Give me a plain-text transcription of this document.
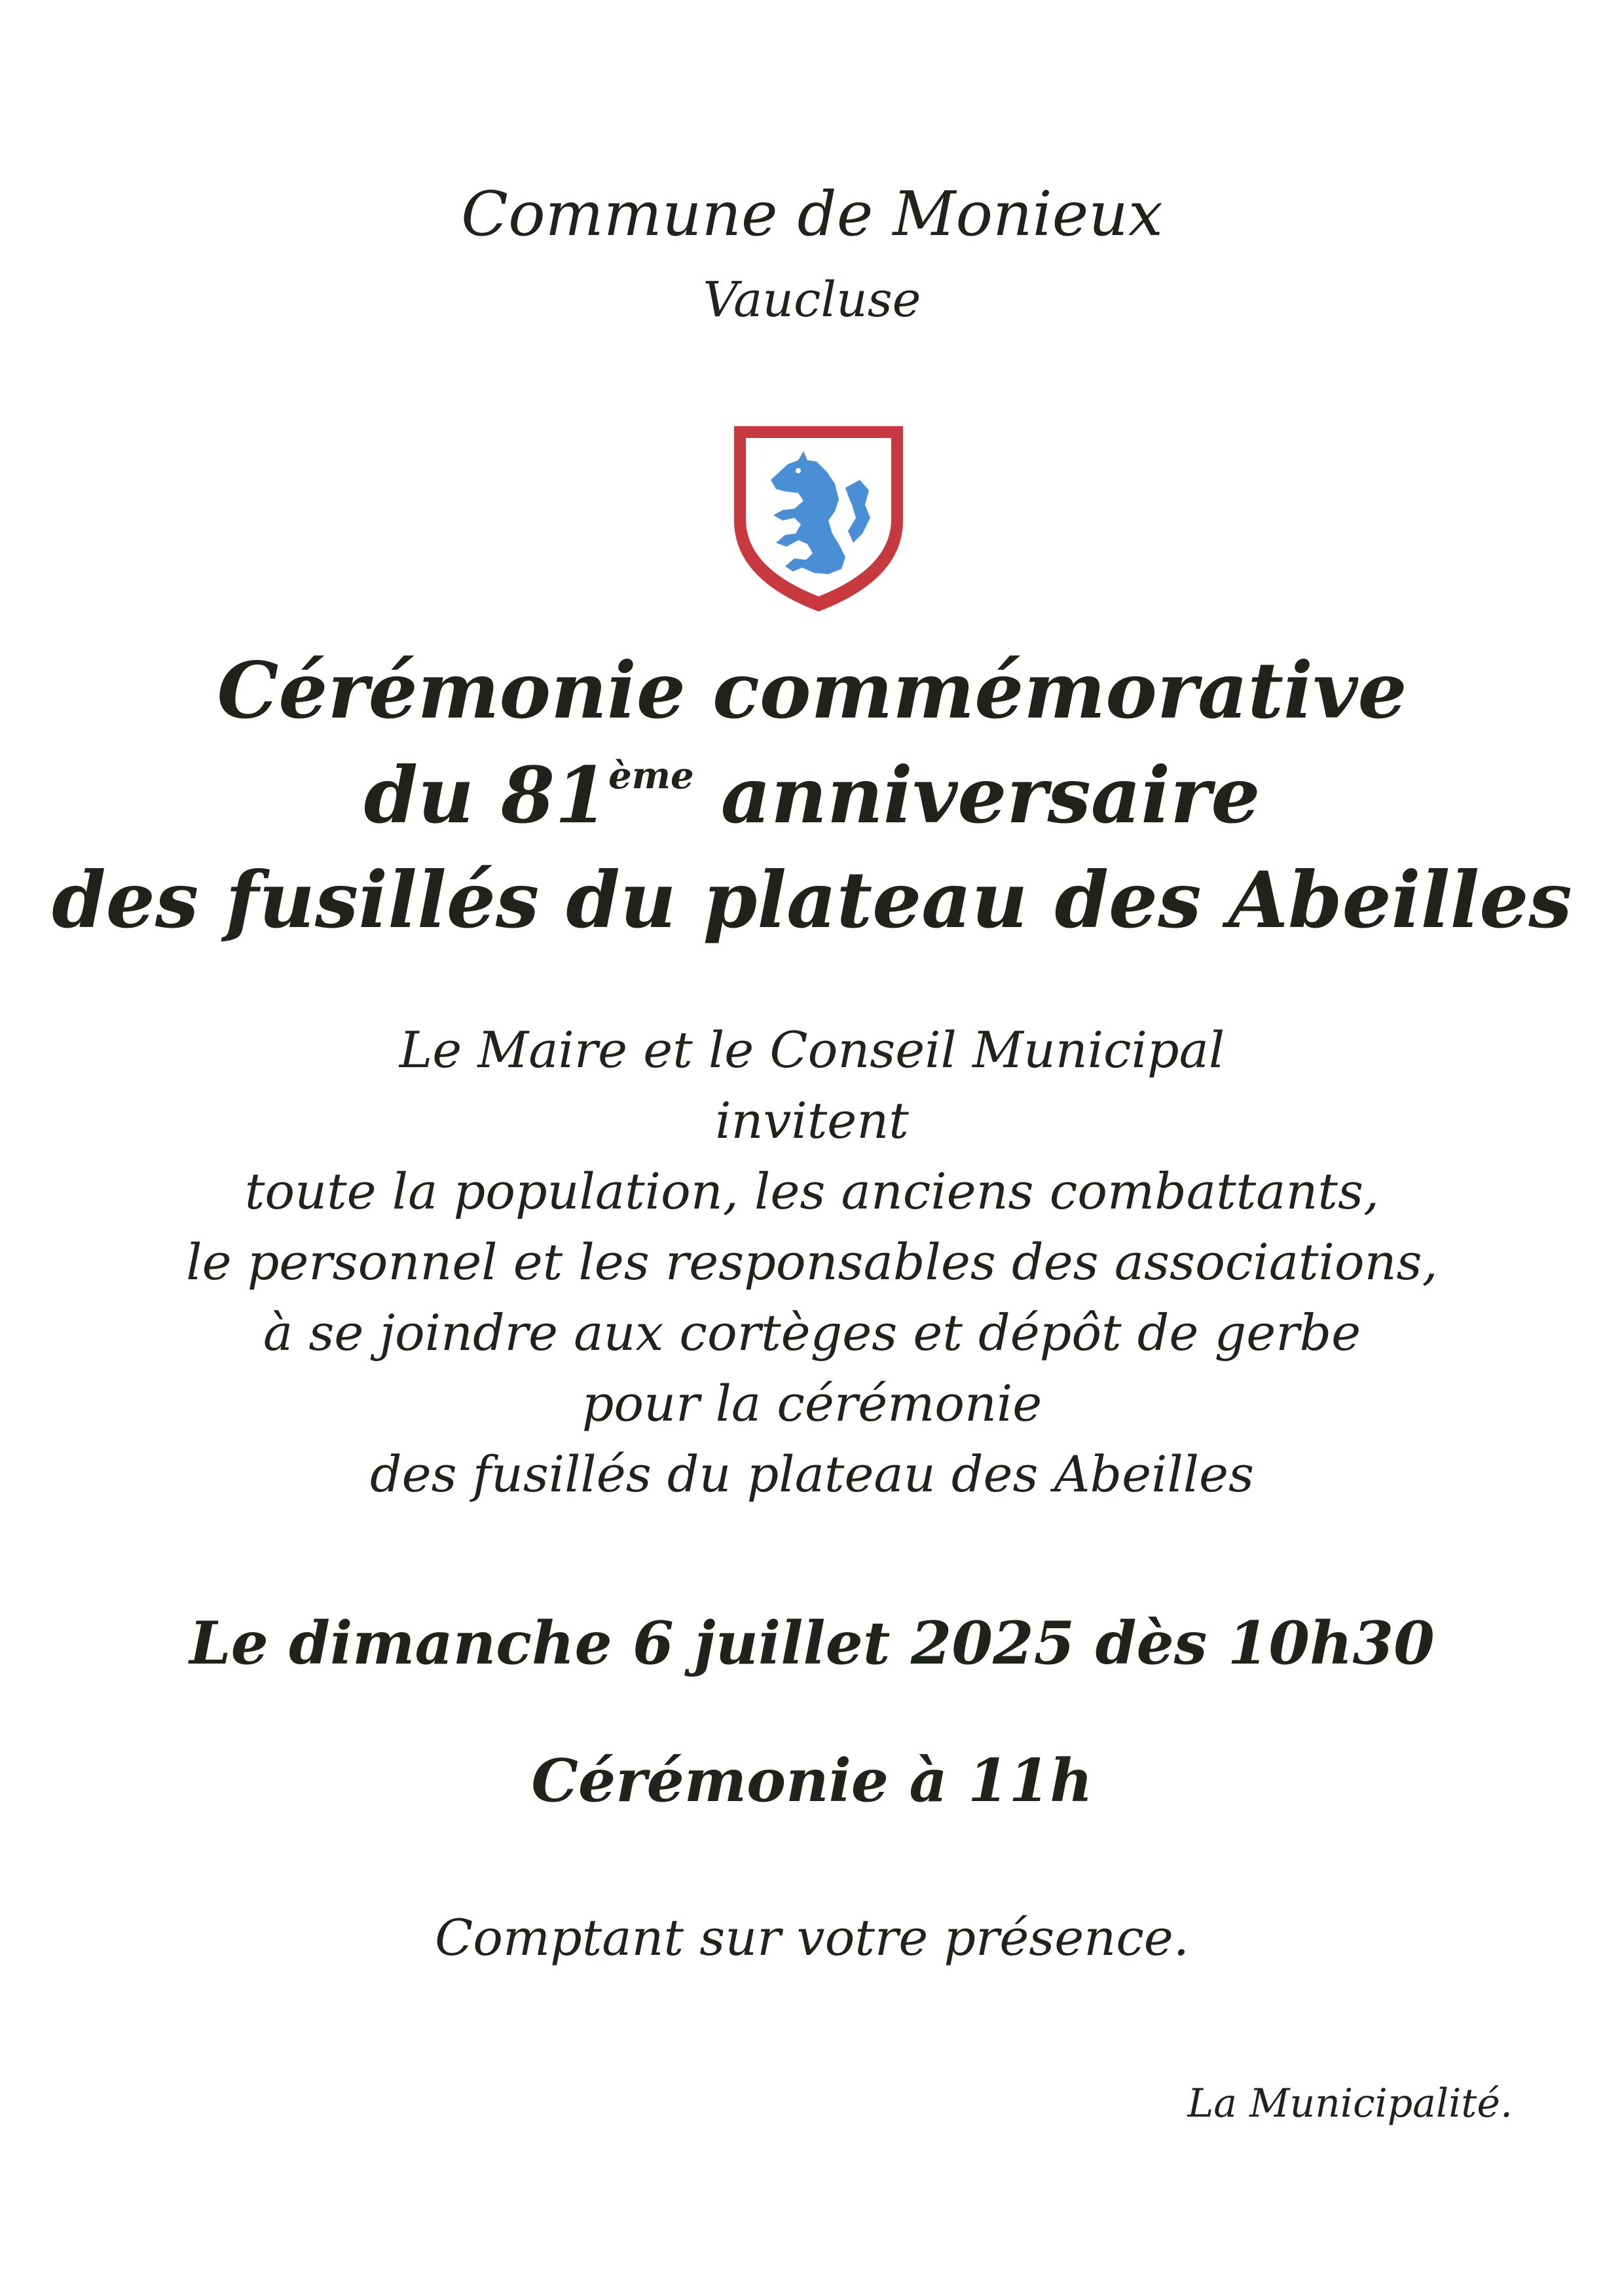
Commune de Monieux
Vaucluse
Cérémonie commémorative
du 81ème anniversaire
des fusillés du plateau des Abeilles
Le Maire et le Conseil Municipal
invitent
toute la population, les anciens combattants,
le personnel et les responsables des associations,
à se joindre aux cortèges et dépôt de gerbe
pour la cérémonie
des fusillés du plateau des Abeilles
Le dimanche 6 juillet 2025 dès 10h30
Cérémonie à 11h
Comptant sur votre présence.
La Municipalité.
